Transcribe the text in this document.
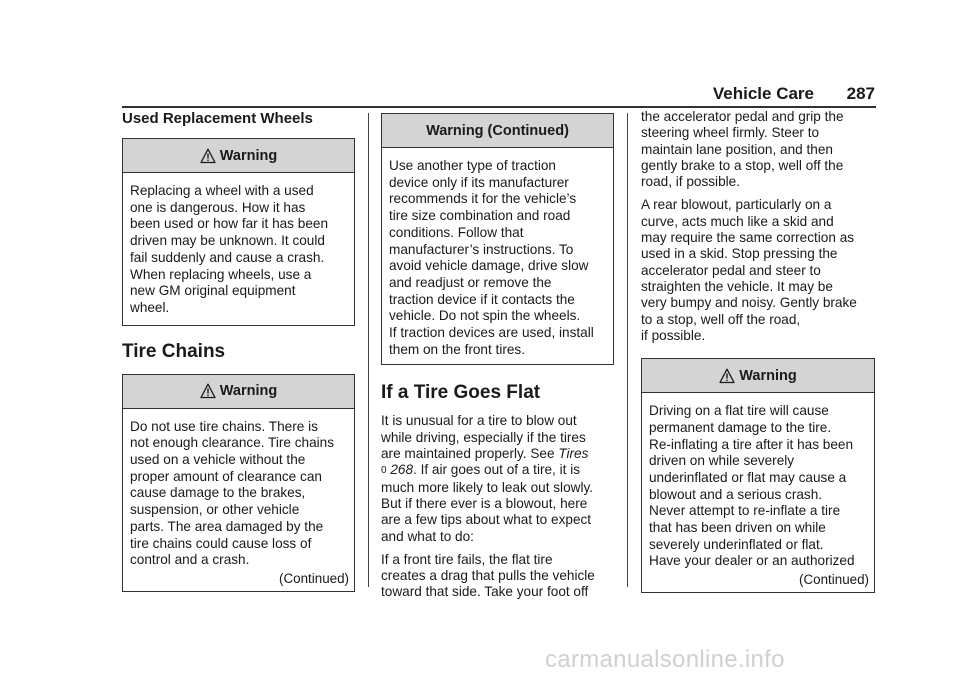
Vehicle Care 287
Used Replacement Wheels
Warning

Replacing a wheel with a used
one is dangerous. How it has
been used or how far it has been
driven may be unknown. It could
fail suddenly and cause a crash.
When replacing wheels, use a
new GM original equipment
wheel.

Tire Chains
Warning

Do not use tire chains. There is
not enough clearance. Tire chains
used on a vehicle without the
proper amount of clearance can
cause damage to the brakes,
suspension, or other vehicle
parts. The area damaged by the
tire chains could cause loss of
control and a crash.

(Continued)
Warning (Continued)

Use another type of traction
device only if its manufacturer
recommends it for the vehicle’s
tire size combination and road
conditions. Follow that
manufacturer’s instructions. To
avoid vehicle damage, drive slow
and readjust or remove the
traction device if it contacts the
vehicle. Do not spin the wheels.
If traction devices are used, install
them on the front tires.

If a Tire Goes Flat

It is unusual for a tire to blow out
while driving, especially if the tires
are maintained properly. See Tires
0 268. If air goes out of a tire, it is
much more likely to leak out slowly.
But if there ever is a blowout, here
are a few tips about what to expect
and what to do:

If a front tire fails, the flat tire
creates a drag that pulls the vehicle
toward that side. Take your foot off

the accelerator pedal and grip the
steering wheel firmly. Steer to
maintain lane position, and then
gently brake to a stop, well off the
road, if possible.

A rear blowout, particularly on a
curve, acts much like a skid and
may require the same correction as
used in a skid. Stop pressing the
accelerator pedal and steer to
straighten the vehicle. It may be
very bumpy and noisy. Gently brake
to a stop, well off the road,
if possible.

Warning

Driving on a flat tire will cause
permanent damage to the tire.
Re-inflating a tire after it has been
driven on while severely
underinflated or flat may cause a
blowout and a serious crash.
Never attempt to re-inflate a tire
that has been driven on while
severely underinflated or flat.
Have your dealer or an authorized

(Continued)
carmanualsonline.info
